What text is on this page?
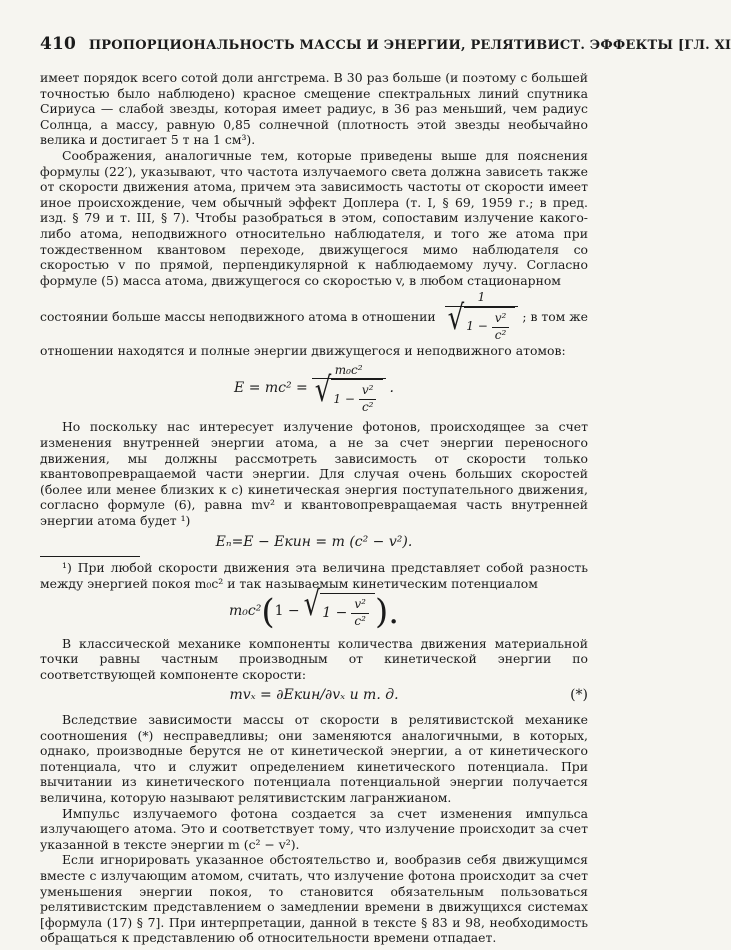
410 ПРОПОРЦИОНАЛЬНОСТЬ МАССЫ И ЭНЕРГИИ, РЕЛЯТИВИСТ. ЭФФЕКТЫ [ГЛ. XI

имеет порядок всего сотой доли ангстрема. В 30 раз больше (и поэтому с большей точностью было наблюдено) красное смещение спектральных линий спутника Сириуса — слабой звезды, которая имеет радиус, в 36 раз меньший, чем радиус Солнца, а массу, равную 0,85 солнечной (плотность этой звезды необычайно велика и достигает 5 т на 1 см³).

Соображения, аналогичные тем, которые приведены выше для пояснения формулы (22′), указывают, что частота излучаемого света должна зависеть также от скорости движения атома, причем эта зависимость частоты от скорости имеет иное происхождение, чем обычный эффект Доплера (т. I, § 69, 1959 г.; в пред. изд. § 79 и т. III, § 7). Чтобы разобраться в этом, сопоставим излучение какого-либо атома, неподвижного относительно наблюдателя, и того же атома при тождественном квантовом переходе, движущегося мимо наблюдателя со скоростью v по прямой, перпендикулярной к наблюдаемому лучу. Согласно формуле (5) масса атома, движущегося со скоростью v, в любом стационарном

состоянии больше массы неподвижного атома в отношении 1
√ 1
− $\frac{\text{v²}}{\text{c²}}$ ; в том же

отношении находятся и полные энергии движущегося и неподвижного атомов:

E = mc² = m₀c²
√ 1
− $\frac{\text{v²}}{\text{c²}}$ .

Но поскольку нас интересует излучение фотонов, происходящее за счет изменения внутренней энергии атома, а не за счет энергии переносного движения, мы должны рассмотреть зависимость от скорости только квантовопревращаемой части энергии. Для случая очень больших скоростей (более или менее близких к c) кинетическая энергия поступательного движения, согласно формуле (6), равна mv² и квантовопревращаемая часть внутренней энергии атома будет ¹)

Eₙ=E − Eкин = m (c² − v²).

¹) При любой скорости движения эта величина представляет собой разность между энергией покоя m₀c² и так называемым кинетическим потенциалом

m₀c² ( 1 − √ 1
− $\frac{\text{v²}}{\text{c²}}$ ).

В классической механике компоненты количества движения материальной точки равны частным производным от кинетической энергии по соответствующей компоненте скорости:

mvₓ = ∂Eкин/∂vₓ и т. д.	(*)

Вследствие зависимости массы от скорости в релятивистской механике соотношения (*) несправедливы; они заменяются аналогичными, в которых, однако, производные берутся не от кинетической энергии, а от кинетического потенциала, что и служит определением кинетического потенциала. При вычитании из кинетического потенциала потенциальной энергии получается величина, которую называют релятивистским лагранжианом.

Импульс излучаемого фотона создается за счет изменения импульса излучающего атома. Это и соответствует тому, что излучение происходит за счет указанной в тексте энергии m (c² − v²).

Если игнорировать указанное обстоятельство и, вообразив себя движущимся вместе с излучающим атомом, считать, что излучение фотона происходит за счет уменьшения энергии покоя, то становится обязательным пользоваться релятивистским представлением о замедлении времени в движущихся системах [формула (17) § 7]. При интерпретации, данной в тексте § 83 и 98, необходимость обращаться к представлению об относительности времени отпадает.
